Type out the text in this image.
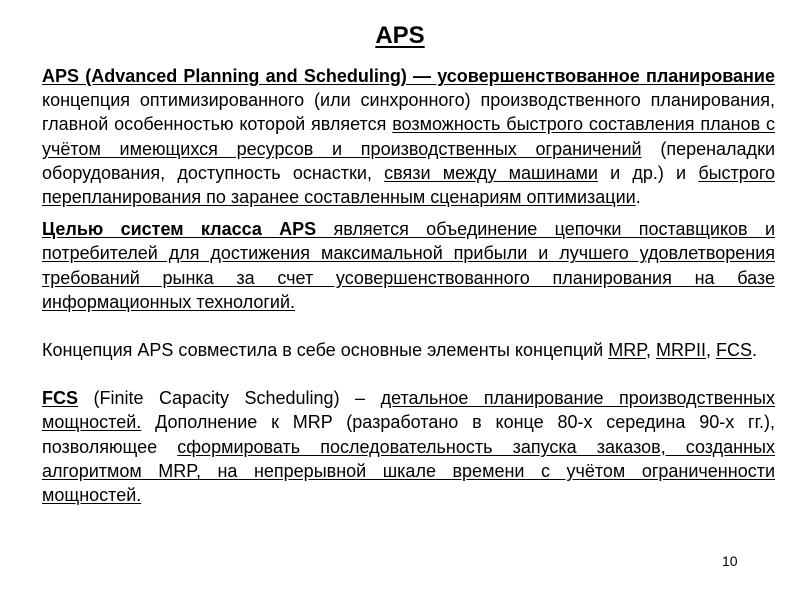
APS

APS (Advanced Planning and Scheduling) — усовершенствованное планирование концепция оптимизированного (или синхронного) производственного планирования, главной особенностью которой является возможность быстрого составления планов с учётом имеющихся ресурсов и производственных ограничений (переналадки оборудования, доступность оснастки, связи между машинами и др.) и быстрого перепланирования по заранее составленным сценариям оптимизации.

Целью систем класса APS является объединение цепочки поставщиков и потребителей для достижения максимальной прибыли и лучшего удовлетворения требований рынка за счет усовершенствованного планирования на базе информационных технологий.

Концепция APS совместила в себе основные элементы концепций MRP, MRPII, FCS.

FCS (Finite Capacity Scheduling) – детальное планирование производственных мощностей. Дополнение к MRP (разработано в конце 80-х середина 90-х гг.), позволяющее сформировать последовательность запуска заказов, созданных алгоритмом MRP, на непрерывной шкале времени с учётом ограниченности мощностей.

10
